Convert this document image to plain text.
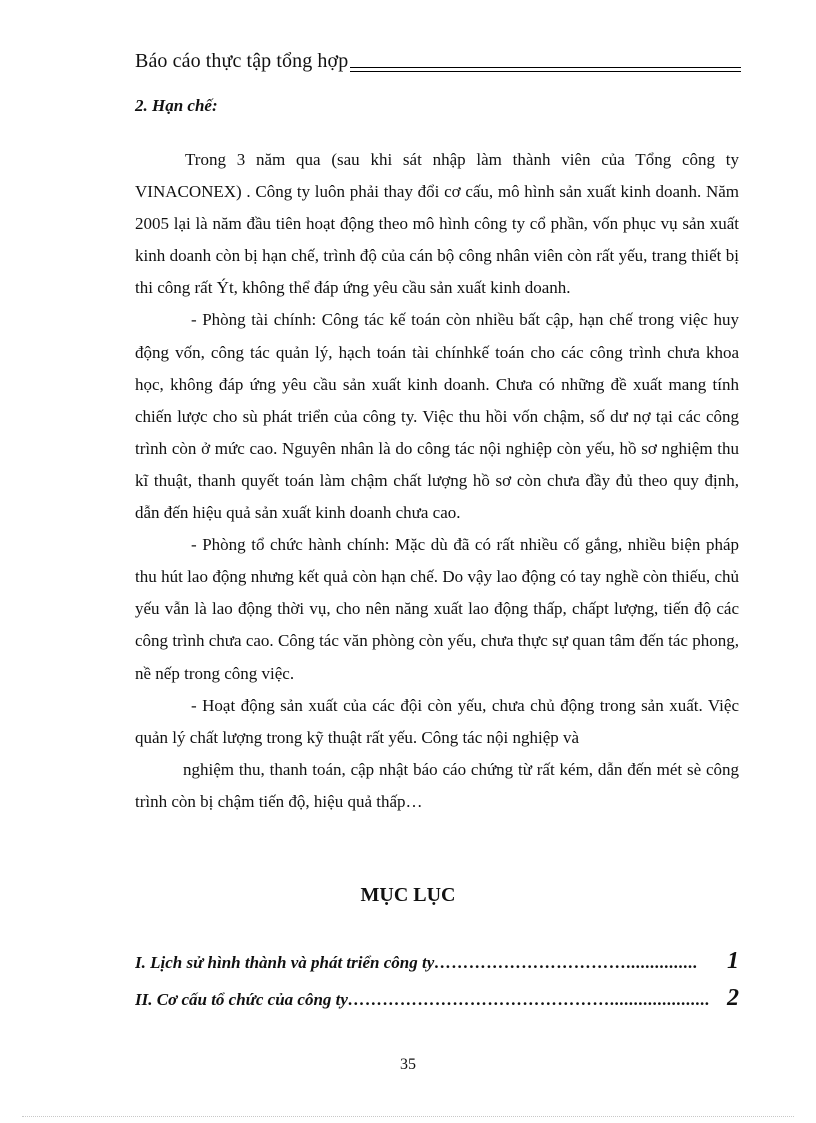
Báo cáo thực tập tổng hợp
2. Hạn chế:

Trong 3 năm qua (sau khi sát nhập làm thành viên của Tổng công ty VINACONEX) . Công ty luôn phải thay đổi cơ cấu, mô hình sản xuất kinh doanh. Năm 2005 lại là năm đầu tiên hoạt động theo mô hình công ty cổ phần, vốn phục vụ sản xuất kinh doanh còn bị hạn chế, trình độ của cán bộ công nhân viên còn rất yếu, trang thiết bị thi công rất Ýt, không thể đáp ứng yêu cầu sản xuất kinh doanh.

- Phòng tài chính: Công tác kế toán còn nhiều bất cập, hạn chế trong việc huy động vốn, công tác quản lý, hạch toán tài chínhkế toán cho các công trình chưa khoa học, không đáp ứng yêu cầu sản xuất kinh doanh. Chưa có những đề xuất mang tính chiến lược cho sù phát triển của công ty. Việc thu hồi vốn chậm, số dư nợ tại các công trình còn ở mức cao. Nguyên nhân là do công tác nội nghiệp còn yếu, hồ sơ nghiệm thu kĩ thuật, thanh quyết toán làm chậm chất lượng hồ sơ còn chưa đầy đủ theo quy định, dẫn đến hiệu quả sản xuất kinh doanh chưa cao.

- Phòng tổ chức hành chính: Mặc dù đã có rất nhiều cố gắng, nhiều biện pháp thu hút lao động nhưng kết quả còn hạn chế. Do vậy lao động có tay nghề còn thiếu, chủ yếu vẫn là lao động thời vụ, cho nên năng xuất lao động thấp, chấpt lượng, tiến độ các công trình chưa cao. Công tác văn phòng còn yếu, chưa thực sự quan tâm đến tác phong, nề nếp trong công việc.

- Hoạt động sản xuất của các đội còn yếu, chưa chủ động trong sản xuất. Việc quản lý chất lượng trong kỹ thuật rất yếu. Công tác nội nghiệp và

nghiệm thu, thanh toán, cập nhật báo cáo chứng từ rất kém, dẫn đến mét sè công trình còn bị chậm tiến độ, hiệu quả thấp…

MỤC LỤC
I. Lịch sử hình thành và phát triển công ty ……………………………...............	1
II. Cơ cấu tổ chức của công ty ………………………………………..................... 2
35
